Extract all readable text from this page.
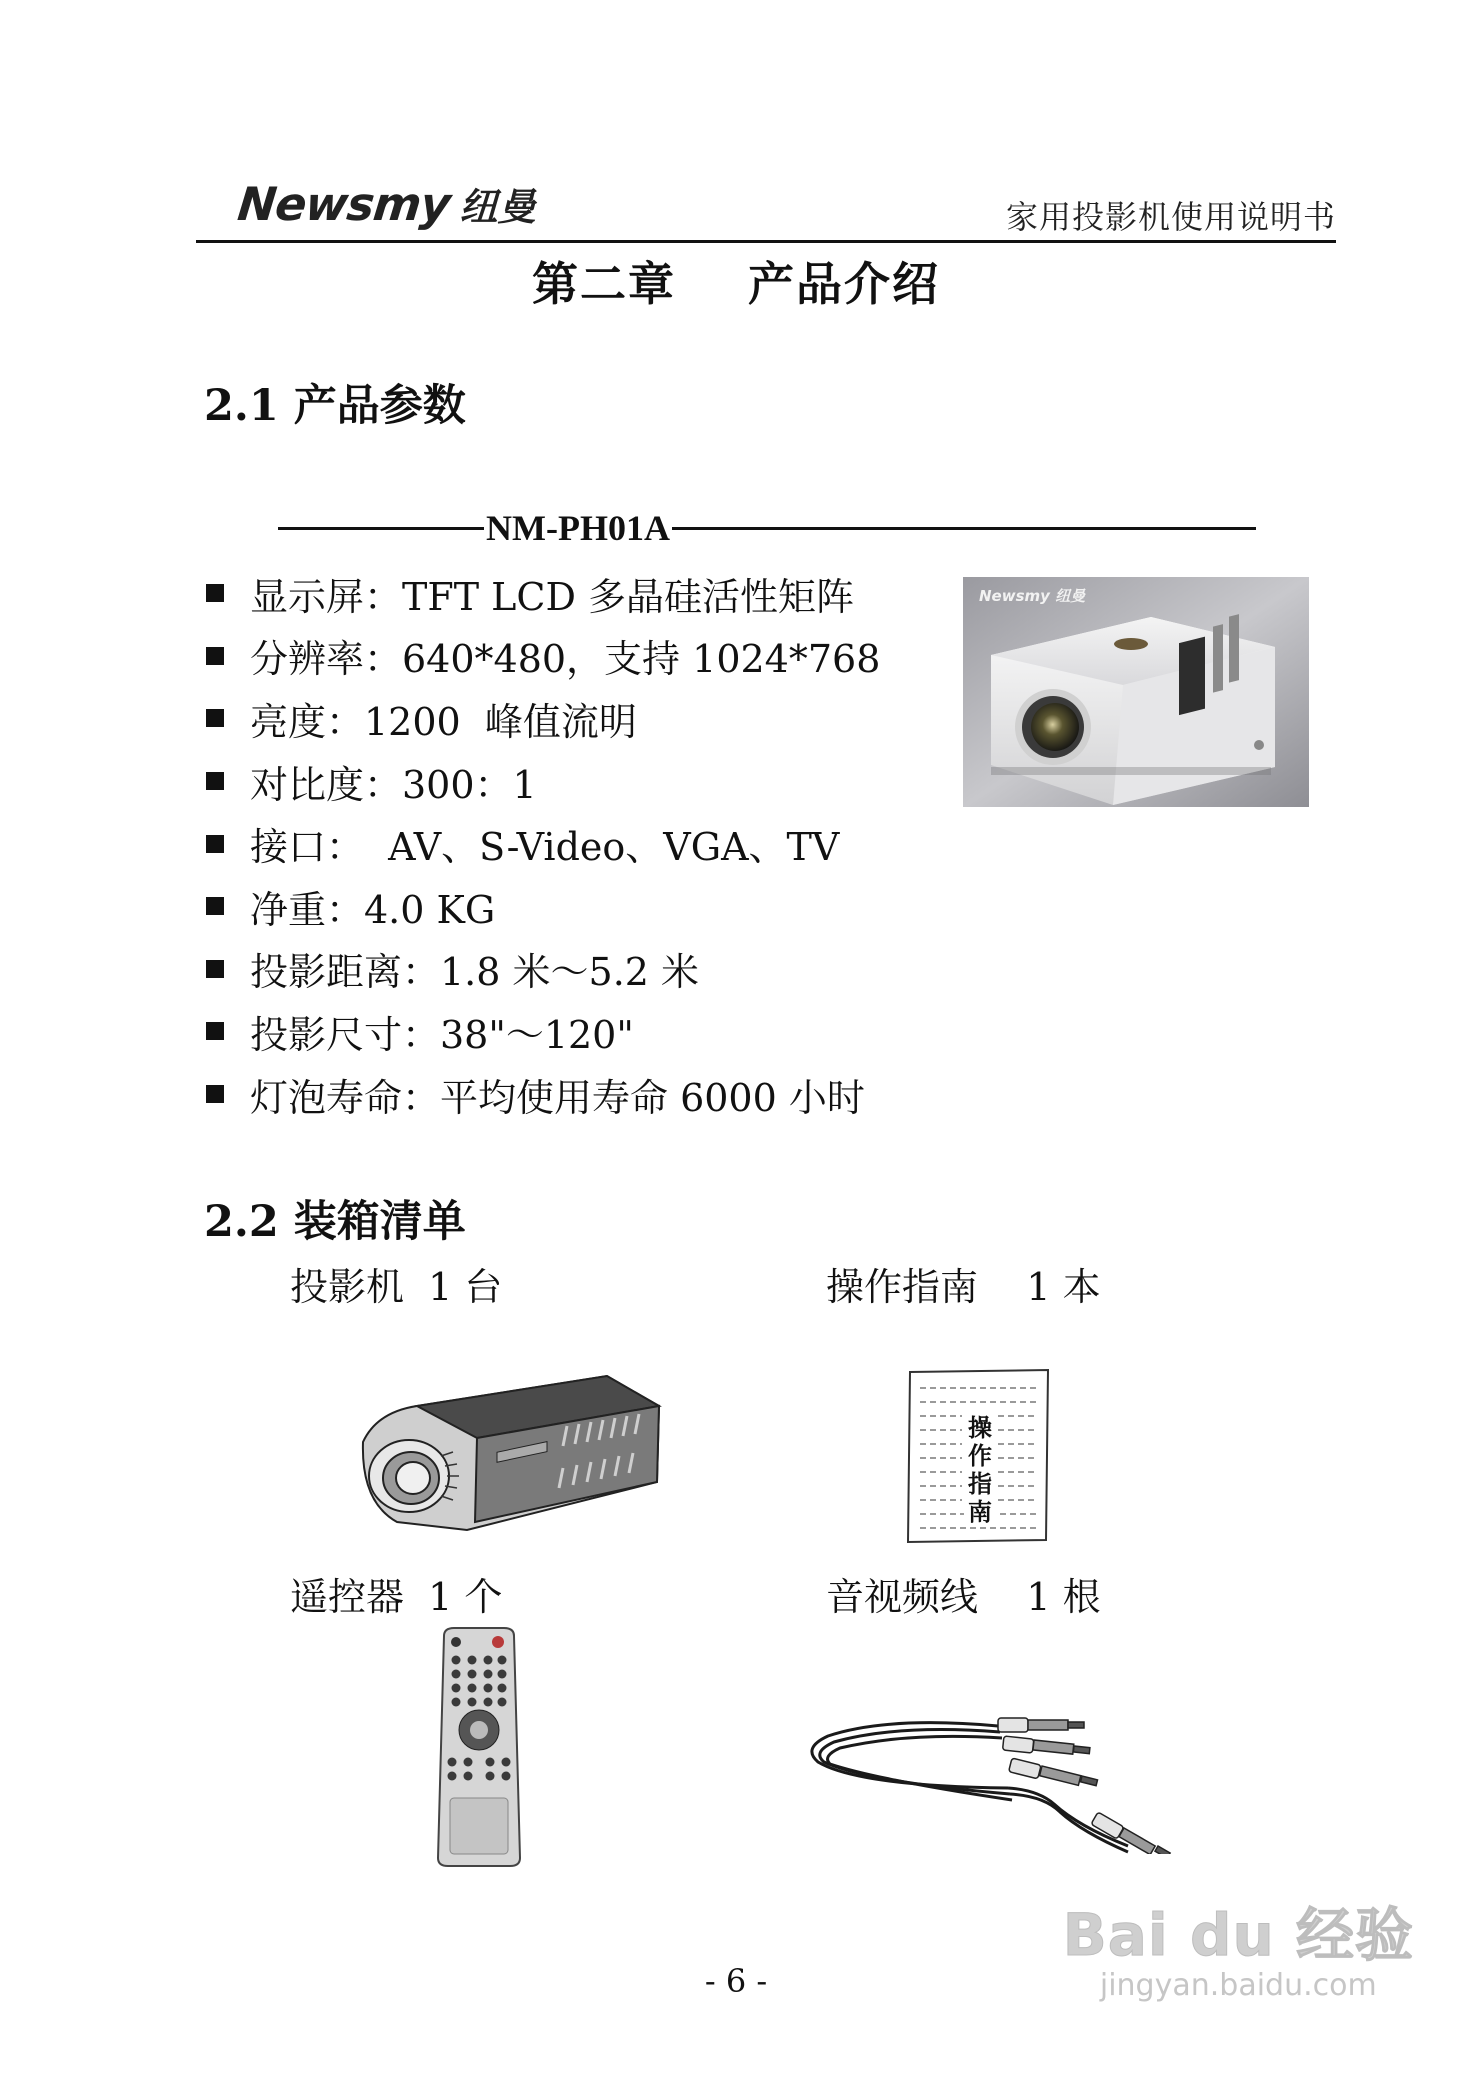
Newsmy 纽曼	家用投影机使用说明书
第二章 产品介绍
2.1 产品参数
NM-PH01A
显示屏：TFT LCD 多晶硅活性矩阵
分辨率：640*480，支持 1024*768
亮度：1200  峰值流明
对比度：300：1
接口：  AV、S-Video、VGA、TV
净重：4.0 KG
投影距离：1.8 米～5.2 米
投影尺寸：38"～120"
灯泡寿命：平均使用寿命 6000 小时
Newsmy 纽曼
2.2 装箱清单
投影机  1 台	操作指南    1 本
操
作
指
南
遥控器  1 个	音视频线    1 根
- 6 -
Bai du 经验
jingyan.baidu.com
